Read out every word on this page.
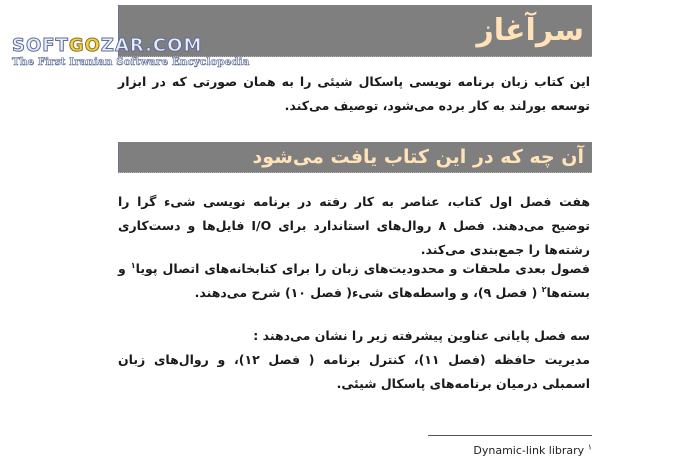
SOFTGOZAR.COM
The First Iranian Software Encyclopedia
سرآغاز
این کتاب زبان برنامه نویسی پاسکال شیئی را به همان صورتی که در ابزار توسعه بورلند به کار برده می‌شود، توصیف می‌کند.
آن چه که در این کتاب یافت می‌شود
هفت فصل اول کتاب، عناصر به کار رفته در برنامه نویسی شیء گرا را توضیح می‌دهند. فصل ۸ روال‌های استاندارد برای I/O فایل‌ها و دست‌کاری رشته‌ها را جمع‌بندی می‌کند.
فصول بعدی ملحقات و محدودیت‌های زبان را برای کتابخانه‌های اتصال پویا$^۱$ و بسته‌ها$^۲$ ( فصل ۹)، و واسطه‌های شیء( فصل ۱۰) شرح می‌دهند.
سه فصل پایانی عناوین پیشرفته زیر را نشان می‌دهند :
مدیریت حافظه (فصل ۱۱)، کنترل برنامه ( فصل ۱۲)، و روال‌های زبان اسمبلی درمیان برنامه‌های پاسکال شیئی.
Dynamic-link library $^۱$
